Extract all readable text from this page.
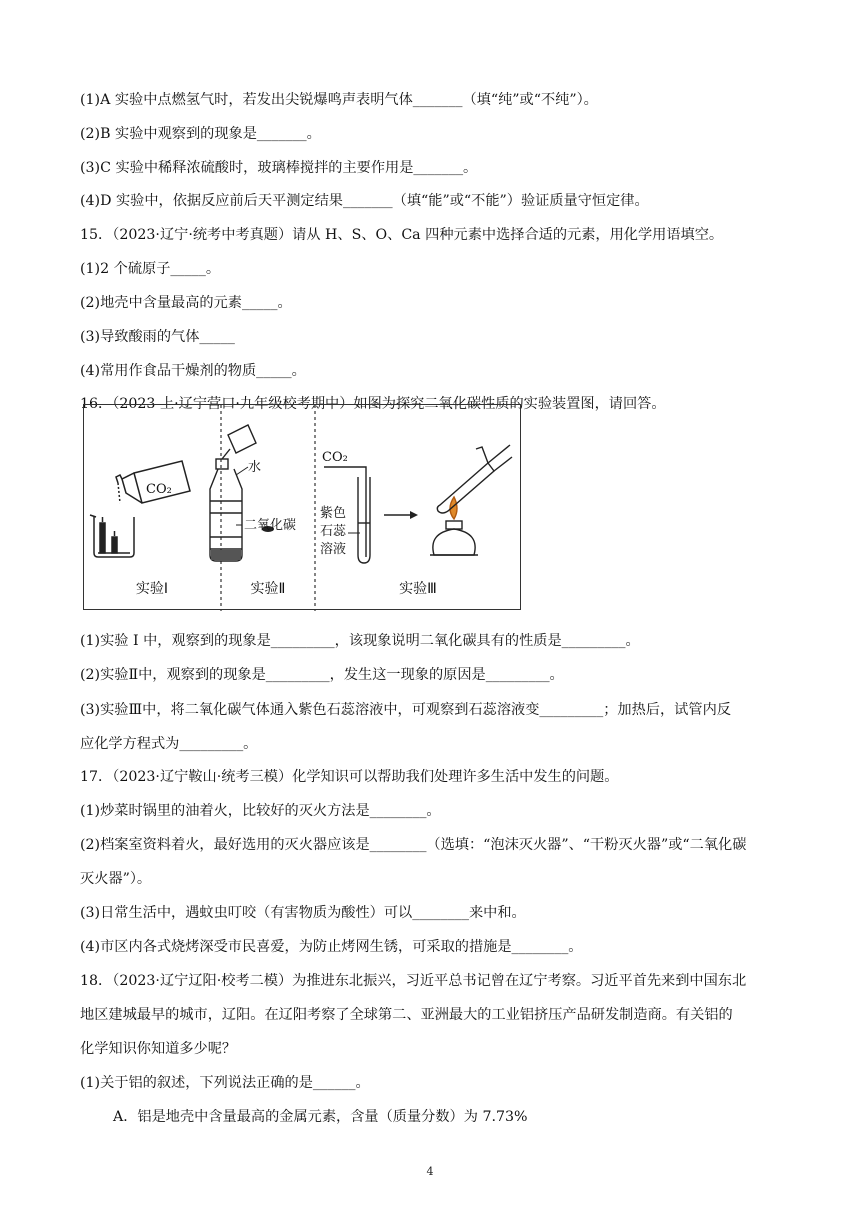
(1)A 实验中点燃氢气时，若发出尖锐爆鸣声表明气体_______（填“纯”或“不纯”）。
(2)B 实验中观察到的现象是_______。
(3)C 实验中稀释浓硫酸时，玻璃棒搅拌的主要作用是_______。
(4)D 实验中，依据反应前后天平测定结果_______（填“能”或“不能”）验证质量守恒定律。
15．（2023·辽宁·统考中考真题）请从 H、S、O、Ca 四种元素中选择合适的元素，用化学用语填空。
(1)2 个硫原子_____。
(2)地壳中含量最高的元素_____。
(3)导致酸雨的气体_____
(4)常用作食品干燥剂的物质_____。
16．（2023 上·辽宁营口·九年级校考期中）如图为探究二氧化碳性质的实验装置图，请回答。
CO₂
实验Ⅰ
水
二氧化碳
实验Ⅱ
CO₂
紫色
石蕊
溶液
实验Ⅲ
(1)实验 I 中，观察到的现象是_________，该现象说明二氧化碳具有的性质是_________。
(2)实验Ⅱ中，观察到的现象是_________，发生这一现象的原因是_________。
(3)实验Ⅲ中，将二氧化碳气体通入紫色石蕊溶液中，可观察到石蕊溶液变_________；加热后，试管内反
应化学方程式为_________。
17．（2023·辽宁鞍山·统考三模）化学知识可以帮助我们处理许多生活中发生的问题。
(1)炒菜时锅里的油着火，比较好的灭火方法是________。
(2)档案室资料着火，最好选用的灭火器应该是________（选填：“泡沫灭火器”、“干粉灭火器”或“二氧化碳
灭火器”）。
(3)日常生活中，遇蚊虫叮咬（有害物质为酸性）可以________来中和。
(4)市区内各式烧烤深受市民喜爱，为防止烤网生锈，可采取的措施是________。
18．（2023·辽宁辽阳·校考二模）为推进东北振兴，习近平总书记曾在辽宁考察。习近平首先来到中国东北
地区建城最早的城市，辽阳。在辽阳考察了全球第二、亚洲最大的工业铝挤压产品研发制造商。有关铝的
化学知识你知道多少呢？
(1)关于铝的叙述，下列说法正确的是______。
A．铝是地壳中含量最高的金属元素，含量（质量分数）为 7.73%
4
